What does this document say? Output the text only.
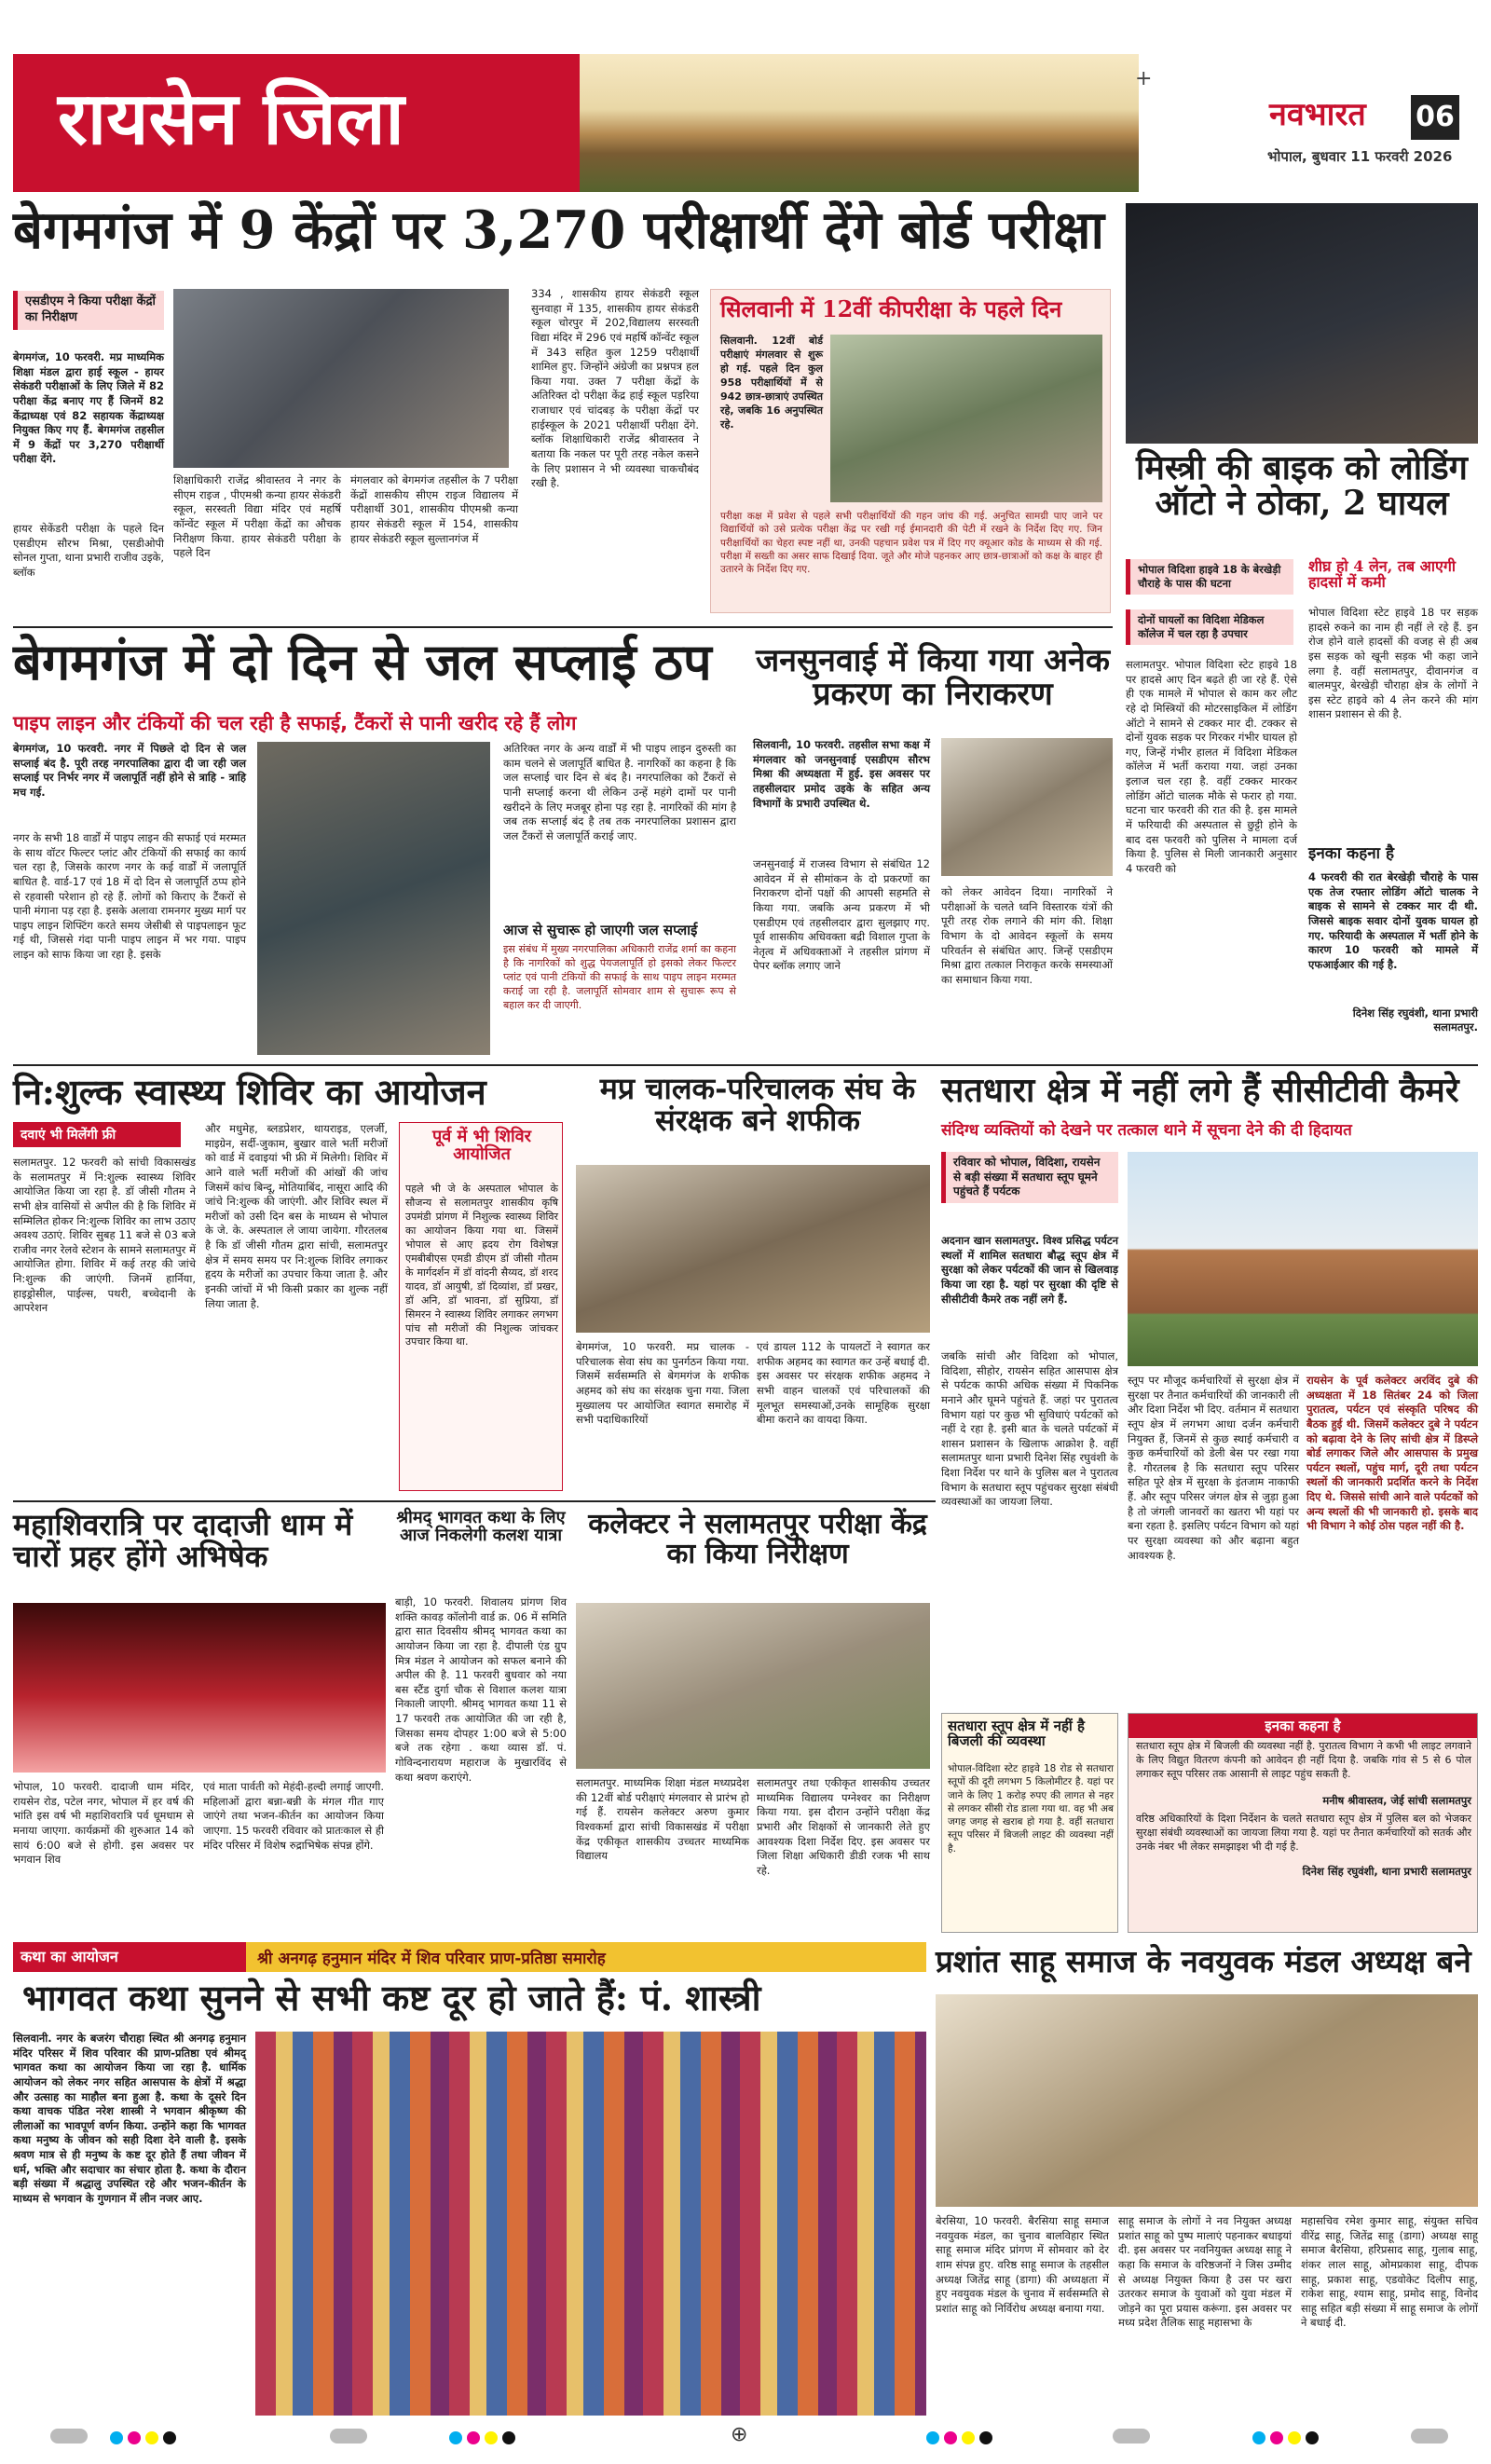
रायसेन जिला	+
नवभारत 06
भोपाल, बुधवार 11 फरवरी 2026
बेगमगंज में 9 केंद्रों पर 3,270 परीक्षार्थी देंगे बोर्ड परीक्षा
एसडीएम ने किया परीक्षा केंद्रों का निरीक्षण
बेगमगंज, 10 फरवरी. मप्र माध्यमिक शिक्षा मंडल द्वारा हाई स्कूल - हायर सेकंडरी परीक्षाओं के लिए जिले में 82 परीक्षा केंद्र बनाए गए हैं जिनमें 82 केंद्राध्यक्ष एवं 82 सहायक केंद्राध्यक्ष नियुक्त किए गए हैं. बेगमगंज तहसील में 9 केंद्रों पर 3,270 परीक्षार्थी परीक्षा देंगे.
हायर सेकेंडरी परीक्षा के पहले दिन एसडीएम सौरभ मिश्रा, एसडीओपी सोनल गुप्ता, थाना प्रभारी राजीव उइके, ब्लॉक
शिक्षाधिकारी राजेंद्र श्रीवास्तव ने नगर के सीएम राइज , पीएमश्री कन्या हायर सेकंडरी स्कूल, सरस्वती विद्या मंदिर एवं महर्षि कॉन्वेंट स्कूल में परीक्षा केंद्रों का औचक निरीक्षण किया. हायर सेकंडरी परीक्षा के पहले दिन
मंगलवार को बेगमगंज तहसील के 7 परीक्षा केंद्रों शासकीय सीएम राइज विद्यालय में परीक्षार्थी 301, शासकीय पीएमश्री कन्या हायर सेकंडरी स्कूल में 154, शासकीय हायर सेकंडरी स्कूल सुल्तानगंज में
334 , शासकीय हायर सेकंडरी स्कूल सुनवाहा में 135, शासकीय हायर सेकंडरी स्कूल चोरपुर में 202,विद्यालय सरस्वती विद्या मंदिर में 296 एवं महर्षि कॉन्वेंट स्कूल में 343 सहित कुल 1259 परीक्षार्थी शामिल हुए. जिन्होंने अंग्रेजी का प्रश्नपत्र हल किया गया. उक्त 7 परीक्षा केंद्रों के अतिरिक्त दो परीक्षा केंद्र हाई स्कूल पड़रिया राजाधार एवं चांदबड़ के परीक्षा केंद्रों पर हाईस्कूल के 2021 परीक्षार्थी परीक्षा देंगे. ब्लॉक शिक्षाधिकारी राजेंद्र श्रीवास्तव ने बताया कि नकल पर पूरी तरह नकेल कसने के लिए प्रशासन ने भी व्यवस्था चाकचौबंद रखी है.
सिलवानी में 12वीं कीपरीक्षा के पहले दिन
सिलवानी. 12वीं बोर्ड परीक्षाएं मंगलवार से शुरू हो गई. पहले दिन कुल 958 परीक्षार्थियों में से 942 छात्र-छात्राएं उपस्थित रहे, जबकि 16 अनुपस्थित रहे.
परीक्षा कक्ष में प्रवेश से पहले सभी परीक्षार्थियों की गहन जांच की गई. अनुचित सामग्री पाए जाने पर विद्यार्थियों को उसे प्रत्येक परीक्षा केंद्र पर रखी गई ईमानदारी की पेटी में रखने के निर्देश दिए गए. जिन परीक्षार्थियों का चेहरा स्पष्ट नहीं था, उनकी पहचान प्रवेश पत्र में दिए गए क्यूआर कोड के माध्यम से की गई. परीक्षा में सख्ती का असर साफ दिखाई दिया. जूते और मोजे पहनकर आए छात्र-छात्राओं को कक्ष के बाहर ही उतारने के निर्देश दिए गए.
मिस्त्री की बाइक को लोडिंग ऑटो ने ठोका, 2 घायल
भोपाल विदिशा हाइवे 18 के बेरखेड़ी चौराहे के पास की घटना
दोनों घायलों का विदिशा मेडिकल कॉलेज में चल रहा है उपचार
सलामतपुर. भोपाल विदिशा स्टेट हाइवे 18 पर हादसे आए दिन बढ़ते ही जा रहे हैं. ऐसे ही एक मामले में भोपाल से काम कर लौट रहे दो मिस्त्रियों की मोटरसाइकिल में लोडिंग ऑटो ने सामने से टक्कर मार दी. टक्कर से दोनों युवक सड़क पर गिरकर गंभीर घायल हो गए, जिन्हें गंभीर हालत में विदिशा मेडिकल कॉलेज में भर्ती कराया गया. जहां उनका इलाज चल रहा है. वहीं टक्कर मारकर लोडिंग ऑटो चालक मौके से फरार हो गया. घटना चार फरवरी की रात की है. इस मामले में फरियादी की अस्पताल से छुट्टी होने के बाद दस फरवरी को पुलिस ने मामला दर्ज किया है. पुलिस से मिली जानकारी अनुसार 4 फरवरी को
शीघ्र हो 4 लेन, तब आएगी हादसों में कमी
भोपाल विदिशा स्टेट हाइवे 18 पर सड़क हादसे रुकने का नाम ही नहीं ले रहे हैं. इन रोज होने वाले हादसों की वजह से ही अब इस सड़क को खूनी सड़क भी कहा जाने लगा है. वहीं सलामतपुर, दीवानगंज व बालमपुर, बेरखेड़ी चौराहा क्षेत्र के लोगों ने इस स्टेट हाइवे को 4 लेन करने की मांग शासन प्रशासन से की है.
इनका कहना है
4 फरवरी की रात बेरखेड़ी चौराहे के पास एक तेज रफ्तार लोडिंग ऑटो चालक ने बाइक से सामने से टक्कर मार दी थी. जिससे बाइक सवार दोनों युवक घायल हो गए. फरियादी के अस्पताल में भर्ती होने के कारण 10 फरवरी को मामले में एफआईआर की गई है.
दिनेश सिंह रघुवंशी, थाना प्रभारी सलामतपुर.
बेगमगंज में दो दिन से जल सप्लाई ठप
पाइप लाइन और टंकियों की चल रही है सफाई, टैंकरों से पानी खरीद रहे हैं लोग
बेगमगंज, 10 फरवरी. नगर में पिछले दो दिन से जल सप्लाई बंद है. पूरी तरह नगरपालिका द्वारा दी जा रही जल सप्लाई पर निर्भर नगर में जलापूर्ति नहीं होने से त्राहि - त्राहि मच गई.
नगर के सभी 18 वार्डों में पाइप लाइन की सफाई एवं मरम्मत के साथ वॉटर फिल्टर प्लांट और टंकियों की सफाई का कार्य चल रहा है, जिसके कारण नगर के कई वार्डों में जलापूर्ति बाधित है. वार्ड-17 एवं 18 में दो दिन से जलापूर्ति ठप्प होने से रहवासी परेशान हो रहे हैं. लोगों को किराए के टैंकरों से पानी मंगाना पड़ रहा है. इसके अलावा रामनगर मुख्य मार्ग पर पाइप लाइन शिफ्टिंग करते समय जेसीबी से पाइपलाइन फूट गई थी, जिससे गंदा पानी पाइप लाइन में भर गया. पाइप लाइन को साफ किया जा रहा है. इसके
अतिरिक्त नगर के अन्य वार्डों में भी पाइप लाइन दुरुस्ती का काम चलने से जलापूर्ति बाधित है. नागरिकों का कहना है कि जल सप्लाई चार दिन से बंद है। नगरपालिका को टैंकरों से पानी सप्लाई करना थी लेकिन उन्हें महंगे दामों पर पानी खरीदने के लिए मजबूर होना पड़ रहा है. नागरिकों की मांग है जब तक सप्लाई बंद है तब तक नगरपालिका प्रशासन द्वारा जल टैंकरों से जलापूर्ति कराई जाए.
आज से सुचारू हो जाएगी जल सप्लाई
इस संबंध में मुख्य नगरपालिका अधिकारी राजेंद्र शर्मा का कहना है कि नागरिकों को शुद्ध पेयजलापूर्ति हो इसको लेकर फिल्टर प्लांट एवं पानी टंकियों की सफाई के साथ पाइप लाइन मरम्मत कराई जा रही है. जलापूर्ति सोमवार शाम से सुचारू रूप से बहाल कर दी जाएगी.
जनसुनवाई में किया गया अनेक प्रकरण का निराकरण
सिलवानी, 10 फरवरी. तहसील सभा कक्ष में मंगलवार को जनसुनवाई एसडीएम सौरभ मिश्रा की अध्यक्षता में हुई. इस अवसर पर तहसीलदार प्रमोद उइके के सहित अन्य विभागों के प्रभारी उपस्थित थे.
जनसुनवाई में राजस्व विभाग से संबंधित 12 आवेदन में से सीमांकन के दो प्रकरणों का निराकरण दोनों पक्षों की आपसी सहमति से किया गया. जबकि अन्य प्रकरण में भी एसडीएम एवं तहसीलदार द्वारा सुलझाए गए. पूर्व शासकीय अधिवक्ता बद्री विशाल गुप्ता के नेतृत्व में अधिवक्ताओं ने तहसील प्रांगण में पेपर ब्लॉक लगाए जाने
को लेकर आवेदन दिया। नागरिकों ने परीक्षाओं के चलते ध्वनि विस्तारक यंत्रों की पूरी तरह रोक लगाने की मांग की. शिक्षा विभाग के दो आवेदन स्कूलों के समय परिवर्तन से संबंधित आए. जिन्हें एसडीएम मिश्रा द्वारा तत्काल निराकृत करके समस्याओं का समाधान किया गया.
नि:शुल्क स्वास्थ्य शिविर का आयोजन
दवाएं भी मिलेंगी फ्री
सलामतपुर. 12 फरवरी को सांची विकासखंड के सलामतपुर में नि:शुल्क स्वास्थ्य शिविर आयोजित किया जा रहा है. डॉ जीसी गौतम ने सभी क्षेत्र वासियों से अपील की है कि शिविर में सम्मिलित होकर नि:शुल्क शिविर का लाभ उठाए अवश्य उठाएं. शिविर सुबह 11 बजे से 03 बजे राजीव नगर रेलवे स्टेशन के सामने सलामतपुर में आयोजित होगा. शिविर में कई तरह की जांचे नि:शुल्क की जाएंगी. जिनमें हार्निया, हाइड्रोसील, पाईल्स, पथरी, बच्चेदानी के आपरेशन
और मधुमेह, ब्लडप्रेशर, थायराइड, एलर्जी, माइग्रेन, सर्दी-जुकाम, बुखार वाले भर्ती मरीजों को वार्ड में दवाइयां भी फ्री में मिलेगी। शिविर में आने वाले भर्ती मरीजों की आंखों की जांच जिसमें कांच बिन्दू, मोतियाबिंद, नासूरा आदि की जांचे नि:शुल्क की जाएंगी. और शिविर स्थल में मरीजों को उसी दिन बस के माध्यम से भोपाल के जे. के. अस्पताल ले जाया जायेगा. गौरतलब है कि डॉ जीसी गौतम द्वारा सांची, सलामतपुर क्षेत्र में समय समय पर नि:शुल्क शिविर लगाकर हृदय के मरीजों का उपचार किया जाता है. और इनकी जांचों में भी किसी प्रकार का शुल्क नहीं लिया जाता है.
पूर्व में भी शिविर आयोजित
पहले भी जे के अस्पताल भोपाल के सौजन्य से सलामतपुर शासकीय कृषि उपमंडी प्रांगण में निशुल्क स्वास्थ्य शिविर का आयोजन किया गया था. जिसमें भोपाल से आए ह्रदय रोग विशेषज्ञ एमबीबीएस एमडी डीएम डॉ जीसी गौतम के मार्गदर्शन में डॉ वांदनी सैय्यद, डॉ शरद यादव, डॉ आयुषी, डॉ दिव्यांश, डॉ प्रखर, डॉ अनि, डॉ भावना, डॉ सुप्रिया, डॉ सिमरन ने स्वास्थ्य शिविर लगाकर लगभग पांच सौ मरीजों की निशुल्क जांचकर उपचार किया था.
मप्र चालक-परिचालक संघ के संरक्षक बने शफीक
बेगमगंज, 10 फरवरी. मप्र चालक - परिचालक सेवा संघ का पुनर्गठन किया गया. जिसमें सर्वसम्मति से बेगमगंज के शफीक अहमद को संघ का संरक्षक चुना गया. जिला मुख्यालय पर आयोजित स्वागत समारोह में सभी पदाधिकारियों
एवं डायल 112 के पायलटों ने स्वागत कर शफीक अहमद का स्वागत कर उन्हें बधाई दी. इस अवसर पर संरक्षक शफीक अहमद ने सभी वाहन चालकों एवं परिचालकों की मूलभूत समस्याओं,उनके सामूहिक सुरक्षा बीमा कराने का वायदा किया.
सतधारा क्षेत्र में नहीं लगे हैं सीसीटीवी कैमरे
संदिग्ध व्यक्तियों को देखने पर तत्काल थाने में सूचना देने की दी हिदायत
रविवार को भोपाल, विदिशा, रायसेन से बड़ी संख्या में सतधारा स्तूप घूमने पहुंचते हैं पर्यटक
अदनान खान सलामतपुर. विश्व प्रसिद्ध पर्यटन स्थलों में शामिल सतधारा बौद्ध स्तूप क्षेत्र में सुरक्षा को लेकर पर्यटकों की जान से खिलवाड़ किया जा रहा है. यहां पर सुरक्षा की दृष्टि से सीसीटीवी कैमरे तक नहीं लगे हैं.
जबकि सांची और विदिशा को भोपाल, विदिशा, सीहोर, रायसेन सहित आसपास क्षेत्र से पर्यटक काफी अधिक संख्या में पिकनिक मनाने और घूमने पहुंचते हैं. जहां पर पुरातत्व विभाग यहां पर कुछ भी सुविधाएं पर्यटकों को नहीं दे रहा है. इसी बात के चलते पर्यटकों में शासन प्रशासन के खिलाफ आक्रोश है. वहीं सलामतपुर थाना प्रभारी दिनेश सिंह रघुवंशी के दिशा निर्देश पर थाने के पुलिस बल ने पुरातत्व विभाग के सतधारा स्तूप पहुंचकर सुरक्षा संबंधी व्यवस्थाओं का जायजा लिया.
स्तूप पर मौजूद कर्मचारियों से सुरक्षा क्षेत्र में सुरक्षा पर तैनात कर्मचारियों की जानकारी ली और दिशा निर्देश भी दिए. वर्तमान में सतधारा स्तूप क्षेत्र में लगभग आधा दर्जन कर्मचारी नियुक्त हैं, जिनमें से कुछ स्थाई कर्मचारी व कुछ कर्मचारियों को डेली बेस पर रखा गया है. गौरतलब है कि सतधारा स्तूप परिसर सहित पूरे क्षेत्र में सुरक्षा के इंतजाम नाकाफी हैं. और स्तूप परिसर जंगल क्षेत्र से जुड़ा हुआ है तो जंगली जानवरों का खतरा भी यहां पर बना रहता है. इसलिए पर्यटन विभाग को यहां पर सुरक्षा व्यवस्था को और बढ़ाना बहुत आवश्यक है.
रायसेन के पूर्व कलेक्टर अरविंद दुबे की अध्यक्षता में 18 सितंबर 24 को जिला पुरातत्व, पर्यटन एवं संस्कृति परिषद की बैठक हुई थी. जिसमें कलेक्टर दुबे ने पर्यटन को बढ़ावा देने के लिए सांची क्षेत्र में डिस्प्ले बोर्ड लगाकर जिले और आसपास के प्रमुख पर्यटन स्थलों, पहुंच मार्ग, दूरी तथा पर्यटन स्थलों की जानकारी प्रदर्शित करने के निर्देश दिए थे. जिससे सांची आने वाले पर्यटकों को अन्य स्थलों की भी जानकारी हो. इसके बाद भी विभाग ने कोई ठोस पहल नहीं की है.
महाशिवरात्रि पर दादाजी धाम में चारों प्रहर होंगे अभिषेक
भोपाल, 10 फरवरी. दादाजी धाम मंदिर, रायसेन रोड, पटेल नगर, भोपाल में हर वर्ष की भांति इस वर्ष भी महाशिवरात्रि पर्व धूमधाम से मनाया जाएगा. कार्यक्रमों की शुरुआत 14 को सायं 6:00 बजे से होगी. इस अवसर पर भगवान शिव
एवं माता पार्वती को मेहंदी-हल्दी लगाई जाएगी. महिलाओं द्वारा बन्ना-बन्नी के मंगल गीत गाए जाएंगे तथा भजन-कीर्तन का आयोजन किया जाएगा. 15 फरवरी रविवार को प्रातःकाल से ही मंदिर परिसर में विशेष रुद्राभिषेक संपन्न होंगे.
श्रीमद् भागवत कथा के लिए आज निकलेगी कलश यात्रा
बाड़ी, 10 फरवरी. शिवालय प्रांगण शिव शक्ति कावड़ कॉलोनी वार्ड क्र. 06 में समिति द्वारा सात दिवसीय श्रीमद् भागवत कथा का आयोजन किया जा रहा है. दीपाली एंड ग्रुप मित्र मंडल ने आयोजन को सफल बनाने की अपील की है. 11 फरवरी बुधवार को नया बस स्टैंड दुर्गा चौक से विशाल कलश यात्रा निकाली जाएगी. श्रीमद् भागवत कथा 11 से 17 फरवरी तक आयोजित की जा रही है, जिसका समय दोपहर 1:00 बजे से 5:00 बजे तक रहेगा . कथा व्यास डॉ. पं. गोविन्दनारायण महाराज के मुखारविंद से कथा श्रवण कराएंगे.
कलेक्टर ने सलामतपुर परीक्षा केंद्र का किया निरीक्षण
सलामतपुर. माध्यमिक शिक्षा मंडल मध्यप्रदेश की 12वीं बोर्ड परीक्षाएं मंगलवार से प्रारंभ हो गई हैं. रायसेन कलेक्टर अरुण कुमार विश्वकर्मा द्वारा सांची विकासखंड में परीक्षा केंद्र एकीकृत शासकीय उच्चतर माध्यमिक विद्यालय
सलामतपुर तथा एकीकृत शासकीय उच्चतर माध्यमिक विद्यालय पग्नेश्वर का निरीक्षण किया गया. इस दौरान उन्होंने परीक्षा केंद्र प्रभारी और शिक्षकों से जानकारी लेते हुए आवश्यक दिशा निर्देश दिए. इस अवसर पर जिला शिक्षा अधिकारी डीडी रजक भी साथ रहे.
सतधारा स्तूप क्षेत्र में नहीं है बिजली की व्यवस्था
भोपाल-विदिशा स्टेट हाइवे 18 रोड से सतधारा स्तूपों की दूरी लगभग 5 किलोमीटर है. यहां पर जाने के लिए 1 करोड़ रुपए की लागत से नहर से लगकर सीसी रोड डाला गया था. वह भी अब जगह जगह से खराब हो गया है. वहीं सतधारा स्तूप परिसर में बिजली लाइट की व्यवस्था नहीं है.
इनका कहना है
सतधारा स्तूप क्षेत्र में बिजली की व्यवस्था नहीं है. पुरातत्व विभाग ने कभी भी लाइट लगवाने के लिए विद्युत वितरण कंपनी को आवेदन ही नहीं दिया है. जबकि गांव से 5 से 6 पोल लगाकर स्तूप परिसर तक आसानी से लाइट पहुंच सकती है.
मनीष श्रीवास्तव, जेई सांची सलामतपुर
वरिष्ठ अधिकारियों के दिशा निर्देशन के चलते सतधारा स्तूप क्षेत्र में पुलिस बल को भेजकर सुरक्षा संबंधी व्यवस्थाओं का जायजा लिया गया है. यहां पर तैनात कर्मचारियों को सतर्क और उनके नंबर भी लेकर समझाइश भी दी गई है.
दिनेश सिंह रघुवंशी, थाना प्रभारी सलामतपुर
कथा का आयोजन	श्री अनगढ़ हनुमान मंदिर में शिव परिवार प्राण-प्रतिष्ठा समारोह
भागवत कथा सुनने से सभी कष्ट दूर हो जाते हैं: पं. शास्त्री
सिलवानी. नगर के बजरंग चौराहा स्थित श्री अनगढ़ हनुमान मंदिर परिसर में शिव परिवार की प्राण-प्रतिष्ठा एवं श्रीमद् भागवत कथा का आयोजन किया जा रहा है. धार्मिक आयोजन को लेकर नगर सहित आसपास के क्षेत्रों में श्रद्धा और उत्साह का माहौल बना हुआ है. कथा के दूसरे दिन कथा वाचक पंडित नरेश शास्त्री ने भगवान श्रीकृष्ण की लीलाओं का भावपूर्ण वर्णन किया. उन्होंने कहा कि भागवत कथा मनुष्य के जीवन को सही दिशा देने वाली है. इसके श्रवण मात्र से ही मनुष्य के कष्ट दूर होते हैं तथा जीवन में धर्म, भक्ति और सदाचार का संचार होता है. कथा के दौरान बड़ी संख्या में श्रद्धालु उपस्थित रहे और भजन-कीर्तन के माध्यम से भगवान के गुणगान में लीन नजर आए.
प्रशांत साहू समाज के नवयुवक मंडल अध्यक्ष बने
बेरसिया, 10 फरवरी. बैरसिया साहू समाज नवयुवक मंडल, का चुनाव बालविहार स्थित साहू समाज मंदिर प्रांगण में सोमवार को देर शाम संपन्न हुए. वरिष्ठ साहू समाज के तहसील अध्यक्ष जितेंद्र साहू (डागा) की अध्यक्षता में हुए नवयुवक मंडल के चुनाव में सर्वसम्मति से प्रशांत साहू को निर्विरोध अध्यक्ष बनाया गया.
साहू समाज के लोगों ने नव नियुक्त अध्यक्ष प्रशांत साहू को पुष्प मालाएं पहनाकर बधाइयां दी. इस अवसर पर नवनियुक्त अध्यक्ष साहू ने कहा कि समाज के वरिष्ठजनों ने जिस उम्मीद से अध्यक्ष नियुक्त किया है उस पर खरा उतरकर समाज के युवाओं को युवा मंडल में जोड़ने का पूरा प्रयास करूंगा. इस अवसर पर मध्य प्रदेश तैलिक साहू महासभा के
महासचिव रमेश कुमार साहू, संयुक्त सचिव वीरेंद्र साहू, जितेंद्र साहू (डागा) अध्यक्ष साहू समाज बैरसिया, हरिप्रसाद साहू, गुलाब साहू, शंकर लाल साहू, ओमप्रकाश साहू, दीपक साहू, प्रकाश साहू, एडवोकेट दिलीप साहू, राकेश साहू, श्याम साहू, प्रमोद साहू, विनोद साहू सहित बड़ी संख्या में साहू समाज के लोगों ने बधाई दी.

⊕
